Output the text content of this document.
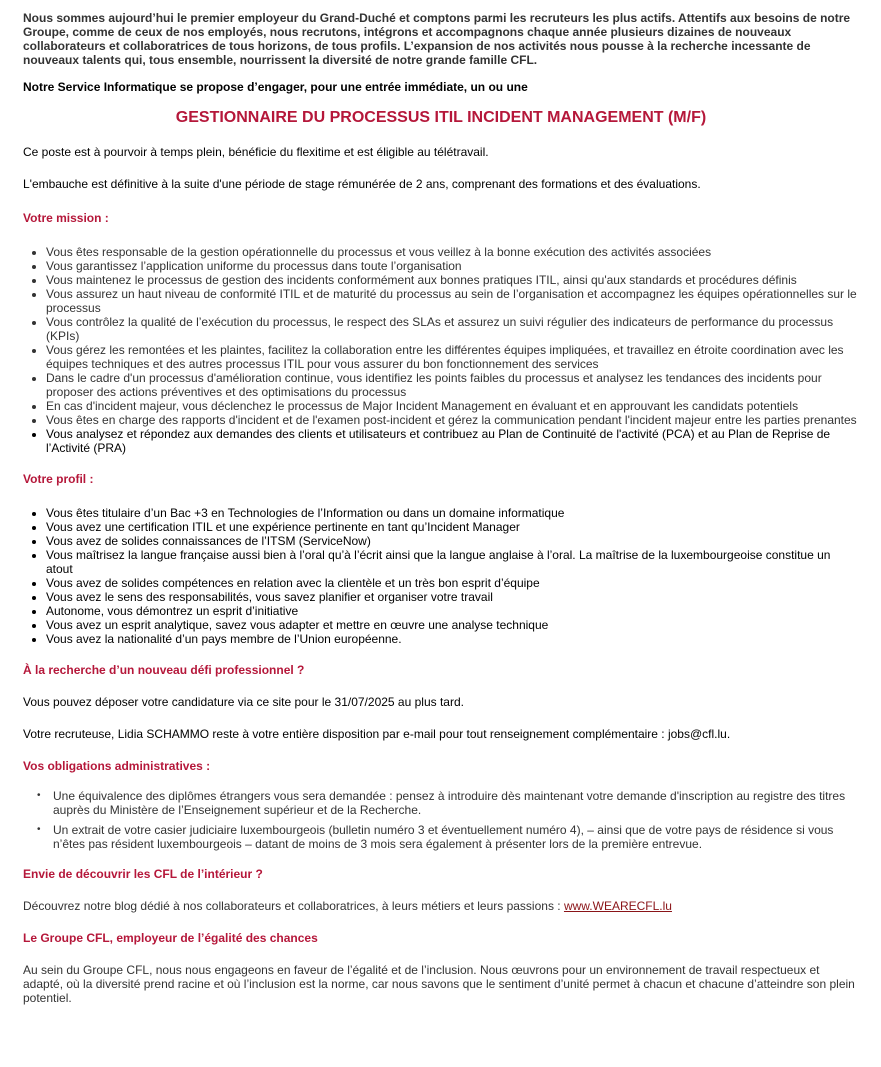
Nous sommes aujourd’hui le premier employeur du Grand-Duché et comptons parmi les recruteurs les plus actifs. Attentifs aux besoins de notre Groupe, comme de ceux de nos employés, nous recrutons, intégrons et accompagnons chaque année plusieurs dizaines de nouveaux collaborateurs et collaboratrices de tous horizons, de tous profils. L’expansion de nos activités nous pousse à la recherche incessante de nouveaux talents qui, tous ensemble, nourrissent la diversité de notre grande famille CFL.

Notre Service Informatique se propose d’engager, pour une entrée immédiate, un ou une

GESTIONNAIRE DU PROCESSUS ITIL INCIDENT MANAGEMENT (M/F)

Ce poste est à pourvoir à temps plein, bénéficie du flexitime et est éligible au télétravail.

L'embauche est définitive à la suite d'une période de stage rémunérée de 2 ans, comprenant des formations et des évaluations.

Votre mission :
• Vous êtes responsable de la gestion opérationnelle du processus et vous veillez à la bonne exécution des activités associées
• Vous garantissez l’application uniforme du processus dans toute l’organisation
• Vous maintenez le processus de gestion des incidents conformément aux bonnes pratiques ITIL, ainsi qu'aux standards et procédures définis
• Vous assurez un haut niveau de conformité ITIL et de maturité du processus au sein de l’organisation et accompagnez les équipes opérationnelles sur le processus
• Vous contrôlez la qualité de l’exécution du processus, le respect des SLAs et assurez un suivi régulier des indicateurs de performance du processus (KPIs)
• Vous gérez les remontées et les plaintes, facilitez la collaboration entre les différentes équipes impliquées, et travaillez en étroite coordination avec les équipes techniques et des autres processus ITIL pour vous assurer du bon fonctionnement des services
• Dans le cadre d'un processus d'amélioration continue, vous identifiez les points faibles du processus et analysez les tendances des incidents pour proposer des actions préventives et des optimisations du processus
• En cas d'incident majeur, vous déclenchez le processus de Major Incident Management en évaluant et en approuvant les candidats potentiels
• Vous êtes en charge des rapports d'incident et de l'examen post-incident et gérez la communication pendant l'incident majeur entre les parties prenantes
• Vous analysez et répondez aux demandes des clients et utilisateurs et contribuez au Plan de Continuité de l'activité (PCA) et au Plan de Reprise de l’Activité (PRA)
Votre profil :
• Vous êtes titulaire d’un Bac +3 en Technologies de l’Information ou dans un domaine informatique
• Vous avez une certification ITIL et une expérience pertinente en tant qu’Incident Manager
• Vous avez de solides connaissances de l’ITSM (ServiceNow)
• Vous maîtrisez la langue française aussi bien à l’oral qu’à l’écrit ainsi que la langue anglaise à l’oral. La maîtrise de la luxembourgeoise constitue un atout
• Vous avez de solides compétences en relation avec la clientèle et un très bon esprit d’équipe
• Vous avez le sens des responsabilités, vous savez planifier et organiser votre travail
• Autonome, vous démontrez un esprit d’initiative
• Vous avez un esprit analytique, savez vous adapter et mettre en œuvre une analyse technique
• Vous avez la nationalité d’un pays membre de l’Union européenne.
À la recherche d’un nouveau défi professionnel ?

Vous pouvez déposer votre candidature via ce site pour le 31/07/2025 au plus tard.

Votre recruteuse, Lidia SCHAMMO reste à votre entière disposition par e-mail pour tout renseignement complémentaire : jobs@cfl.lu.

Vos obligations administratives :
• Une équivalence des diplômes étrangers vous sera demandée : pensez à introduire dès maintenant votre demande d'inscription au registre des titres auprès du Ministère de l’Enseignement supérieur et de la Recherche.
• Un extrait de votre casier judiciaire luxembourgeois (bulletin numéro 3 et éventuellement numéro 4), – ainsi que de votre pays de résidence si vous n’êtes pas résident luxembourgeois – datant de moins de 3 mois sera également à présenter lors de la première entrevue.
Envie de découvrir les CFL de l’intérieur ?

Découvrez notre blog dédié à nos collaborateurs et collaboratrices, à leurs métiers et leurs passions : www.WEARECFL.lu

Le Groupe CFL, employeur de l’égalité des chances

Au sein du Groupe CFL, nous nous engageons en faveur de l’égalité et de l’inclusion. Nous œuvrons pour un environnement de travail respectueux et adapté, où la diversité prend racine et où l’inclusion est la norme, car nous savons que le sentiment d’unité permet à chacun et chacune d’atteindre son plein potentiel.
